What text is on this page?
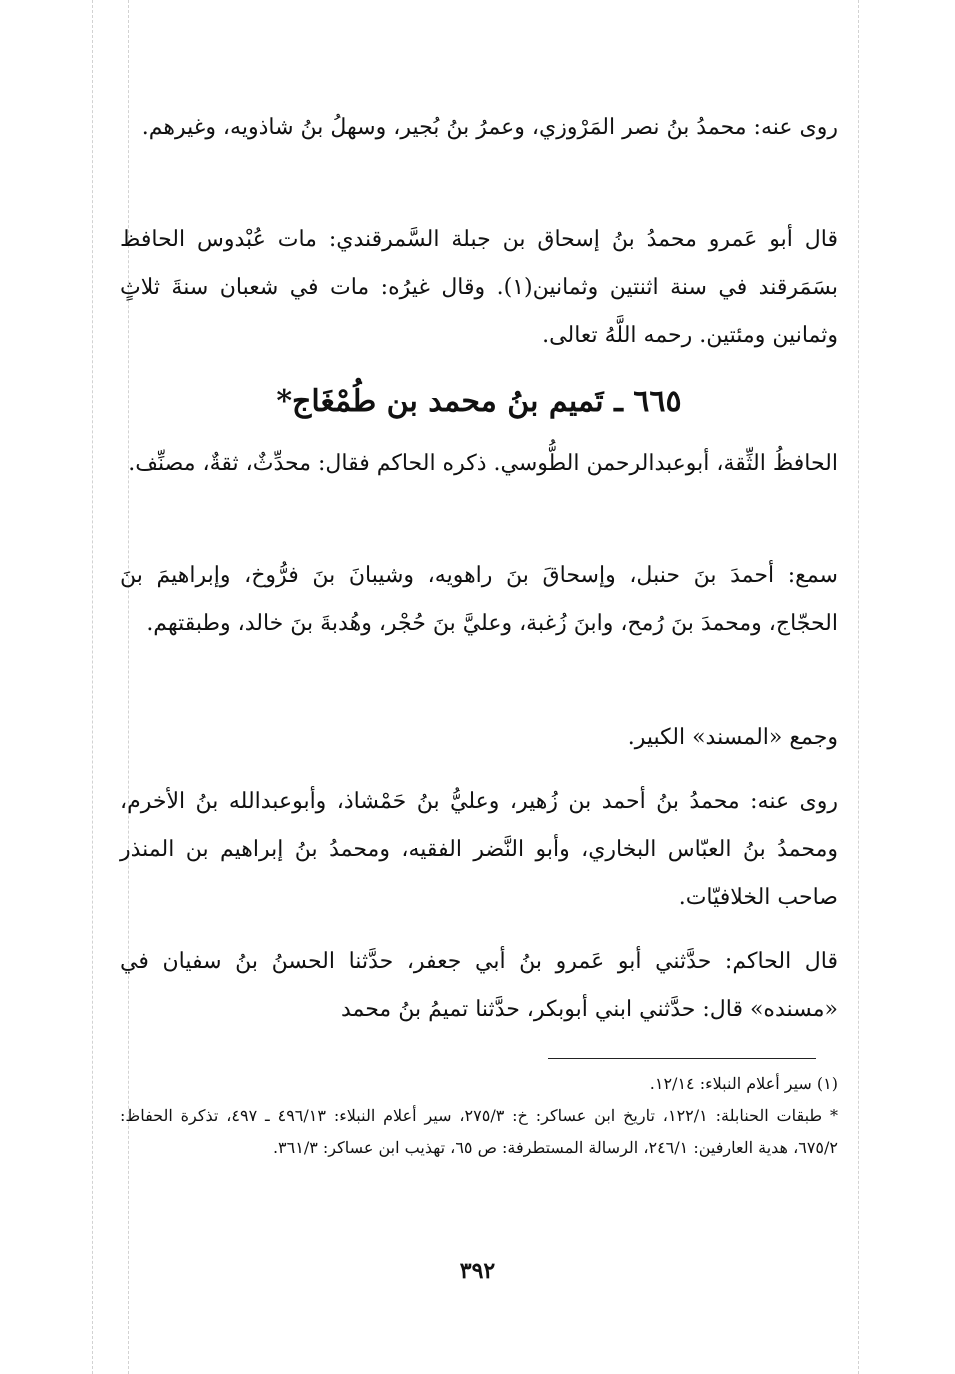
روى عنه: محمدُ بنُ نصر المَرْوزي، وعمرُ بنُ بُجير، وسهلُ بنُ شاذويه، وغيرهم.

قال أبو عَمرو محمدُ بنُ إسحاق بن جبلة السَّمرقندي: مات عُبْدوس الحافظ بسَمَرقند في سنة اثنتين وثمانين(١). وقال غيرُه: مات في شعبان سنةَ ثلاثٍ وثمانين ومئتين. رحمه اللَّهُ تعالى.

٦٦٥ ـ تَميم بنُ محمد بن طُمْغَاج*

الحافظُ الثِّقة، أبوعبدالرحمن الطُّوسي. ذكره الحاكم فقال: محدِّثٌ، ثقةٌ، مصنِّف.

سمع: أحمدَ بنَ حنبل، وإسحاقَ بنَ راهويه، وشيبانَ بنَ فرُّوخ، وإبراهيمَ بنَ الحجّاج، ومحمدَ بنَ رُمح، وابنَ زُغبة، وعليَّ بنَ حُجْر، وهُدبةَ بنَ خالد، وطبقتهم.

وجمع «المسند» الكبير.

روى عنه: محمدُ بنُ أحمد بن زُهير، وعليُّ بنُ حَمْشاذ، وأبوعبدالله بنُ الأخرم، ومحمدُ بنُ العبّاس البخاري، وأبو النَّضر الفقيه، ومحمدُ بنُ إبراهيم بن المنذر صاحب الخلافيّات.

قال الحاكم: حدَّثني أبو عَمرو بنُ أبي جعفر، حدَّثنا الحسنُ بنُ سفيان في «مسنده» قال: حدَّثني ابني أبوبكر، حدَّثنا تميمُ بنُ محمد

(١) سير أعلام النبلاء: ١٢/١٤.
* طبقات الحنابلة: ١٢٢/١، تاريخ ابن عساكر: خ: ٢٧٥/٣، سير أعلام النبلاء: ٤٩٦/١٣ ـ ٤٩٧، تذكرة الحفاظ: ٦٧٥/٢، هدية العارفين: ٢٤٦/١، الرسالة المستطرفة: ص ٦٥، تهذيب ابن عساكر: ٣٦١/٣.
٣٩٢
